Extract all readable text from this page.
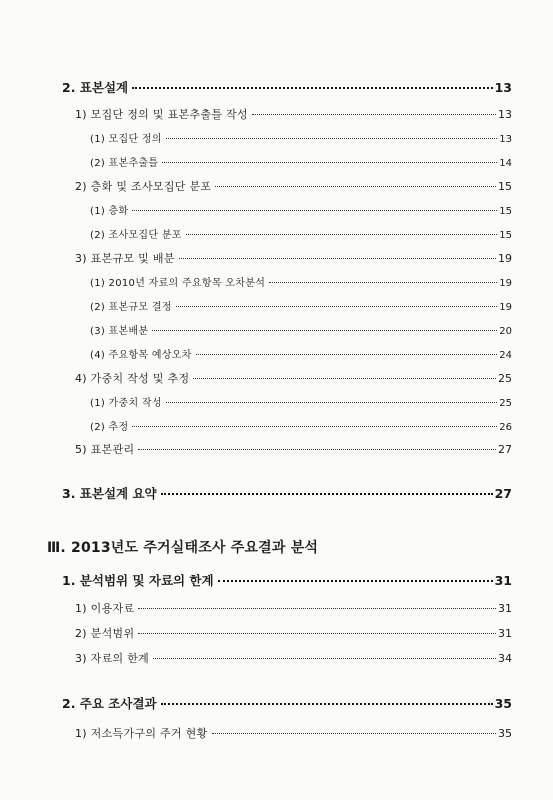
2. 표본설계	13
1) 모집단 정의 및 표본추출틀 작성	13
(1) 모집단 정의	13
(2) 표본추출틀	14
2) 층화 및 조사모집단 분포	15
(1) 층화	15
(2) 조사모집단 분포	15
3) 표본규모 및 배분	19
(1) 2010년 자료의 주요항목 오차분석	19
(2) 표본규모 결정	19
(3) 표본배분	20
(4) 주요항목 예상오차	24
4) 가중치 작성 및 추정	25
(1) 가중치 작성	25
(2) 추정	26
5) 표본관리	27
3. 표본설계 요약	27
Ⅲ. 2013년도 주거실태조사 주요결과 분석
1. 분석범위 및 자료의 한계	31
1) 이용자료	31
2) 분석범위	31
3) 자료의 한계	34
2. 주요 조사결과	35
1) 저소득가구의 주거 현황	35
